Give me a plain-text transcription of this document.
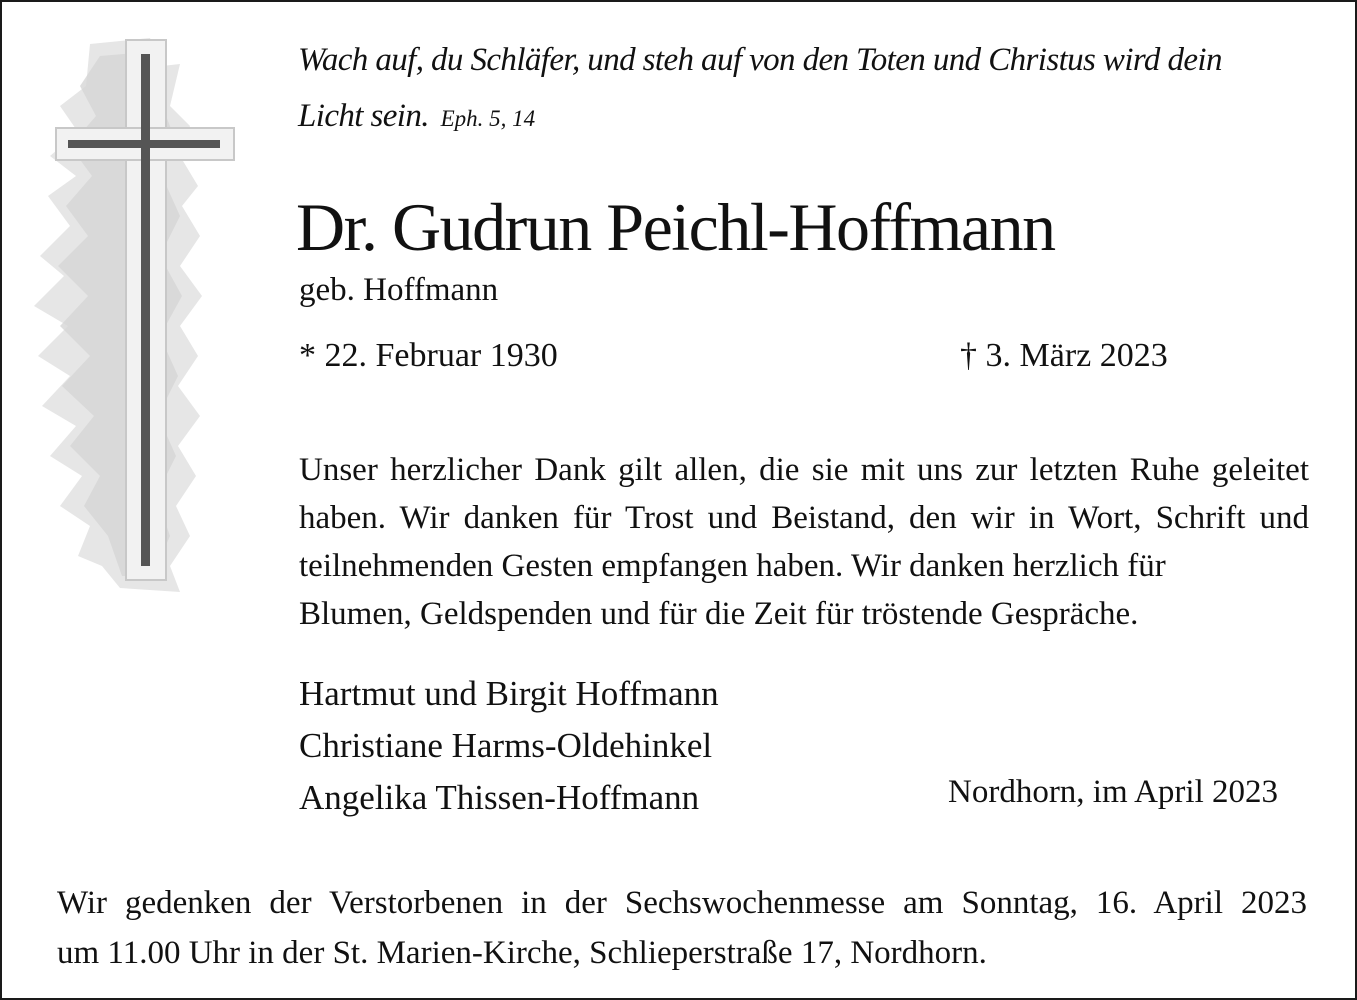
Wach auf, du Schläfer, und steh auf von den Toten und Christus wird dein
Licht sein. Eph. 5, 14
Dr. Gudrun Peichl-Hoffmann
geb. Hoffmann
* 22. Februar 1930	† 3. März 2023
Unser herzlicher Dank gilt allen, die sie mit uns zur letzten Ruhe geleitet
haben. Wir danken für Trost und Beistand, den wir in Wort, Schrift und
teilnehmenden Gesten empfangen haben. Wir danken herzlich für
Blumen, Geldspenden und für die Zeit für tröstende Gespräche.
Hartmut und Birgit Hoffmann
Christiane Harms-Oldehinkel
Angelika Thissen-Hoffmann	Nordhorn, im April 2023
Wir gedenken der Verstorbenen in der Sechswochenmesse am Sonntag, 16. April 2023
um 11.00 Uhr in der St. Marien-Kirche, Schlieperstraße 17, Nordhorn.
